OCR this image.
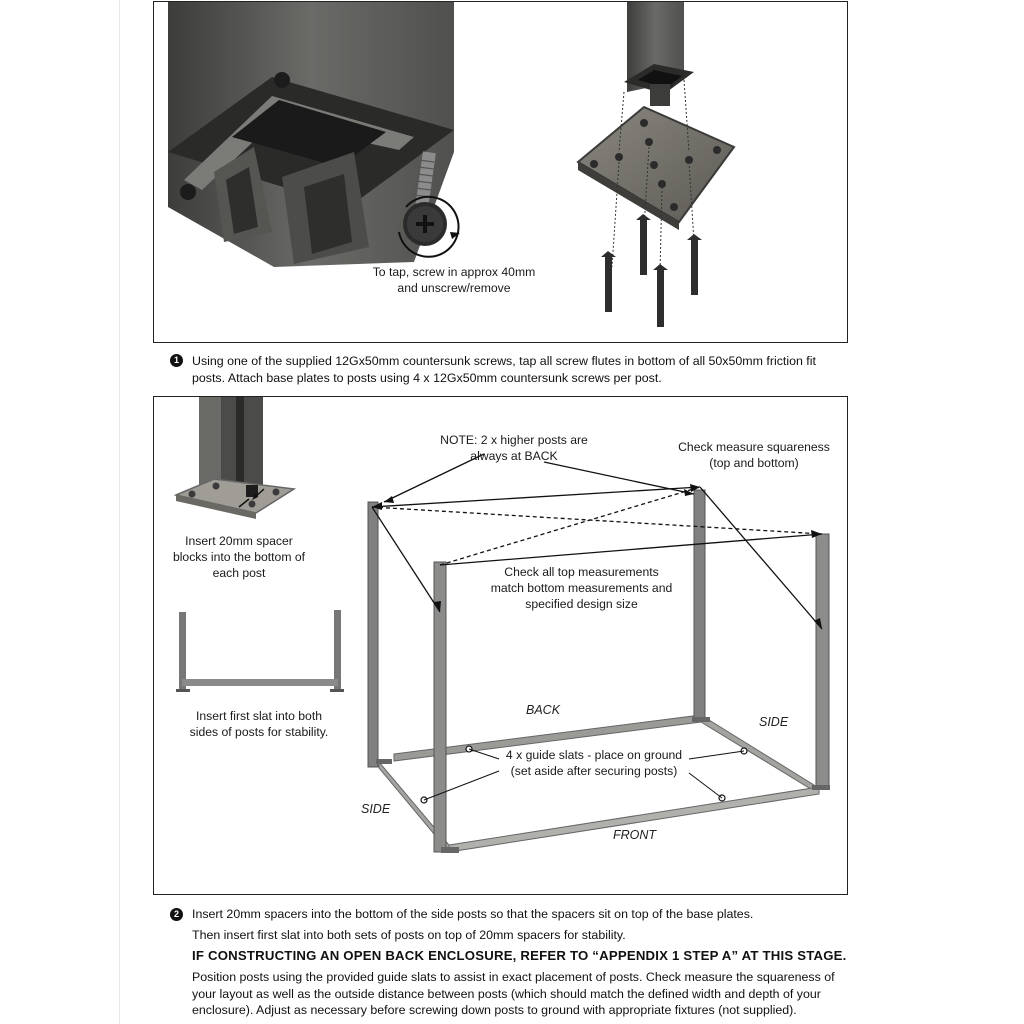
To tap, screw in approx 40mm
and unscrew/remove
1	Using one of the supplied 12Gx50mm countersunk screws, tap all screw flutes in bottom of all 50x50mm friction fit
posts. Attach base plates to posts using 4 x 12Gx50mm countersunk screws per post.
Insert 20mm spacer
blocks into the bottom of
each post
Insert first slat into both
sides of posts for stability.
NOTE: 2 x higher posts are
always at BACK
Check measure squareness
(top and bottom)
Check all top measurements
match bottom measurements and
specified design size
BACK
SIDE
SIDE
FRONT
4 x guide slats - place on ground
(set aside after securing posts)
2	Insert 20mm spacers into the bottom of the side posts so that the spacers sit on top of the base plates.
Then insert first slat into both sets of posts on top of 20mm spacers for stability.
IF CONSTRUCTING AN OPEN BACK ENCLOSURE, REFER TO “APPENDIX 1 STEP A” AT THIS STAGE.
Position posts using the provided guide slats to assist in exact placement of posts. Check measure the squareness of
your layout as well as the outside distance between posts (which should match the defined width and depth of your
enclosure). Adjust as necessary before screwing down posts to ground with appropriate fixtures (not supplied).
